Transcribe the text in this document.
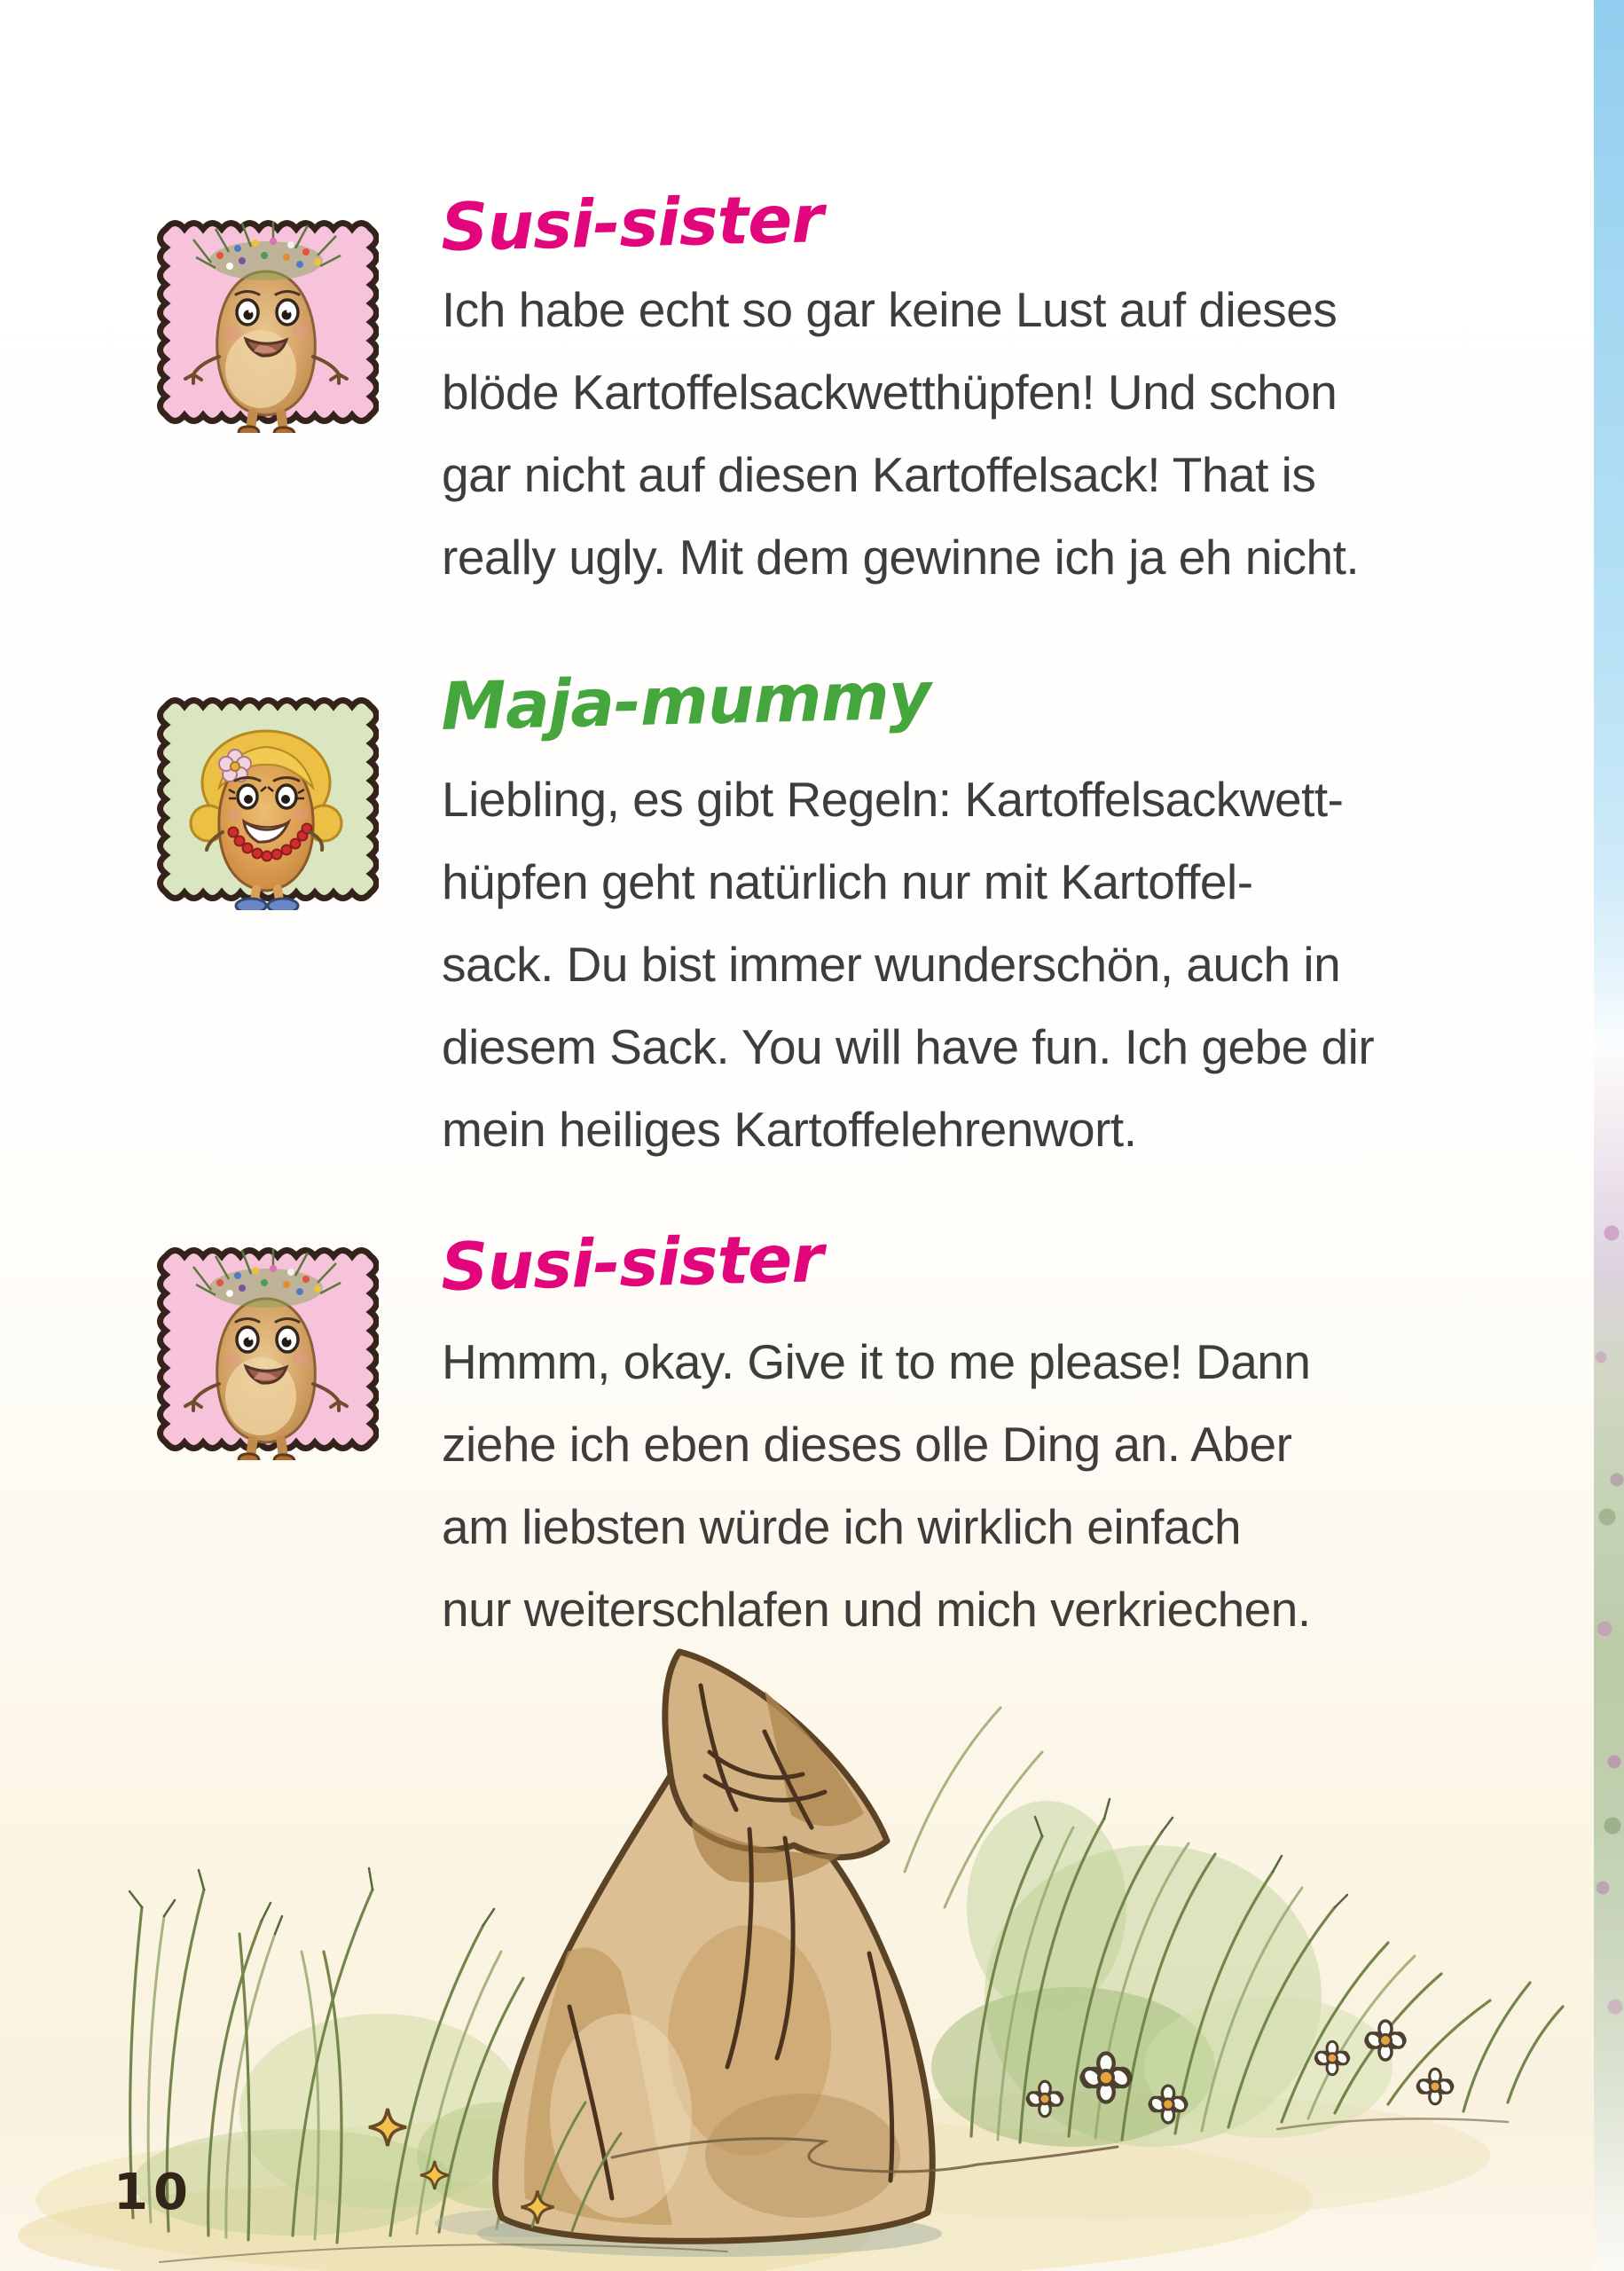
Susi-sister
Ich habe echt so gar keine Lust auf dieses
blöde Kartoffelsackwetthüpfen! Und schon
gar nicht auf diesen Kartoffelsack! That is
really ugly. Mit dem gewinne ich ja eh nicht.
Maja-mummy
Liebling, es gibt Regeln: Kartoffelsackwett-
hüpfen geht natürlich nur mit Kartoffel-
sack. Du bist immer wunderschön, auch in
diesem Sack. You will have fun. Ich gebe dir
mein heiliges Kartoffelehrenwort.
Susi-sister
Hmmm, okay. Give it to me please! Dann
ziehe ich eben dieses olle Ding an. Aber
am liebsten würde ich wirklich einfach
nur weiterschlafen und mich verkriechen.
10
